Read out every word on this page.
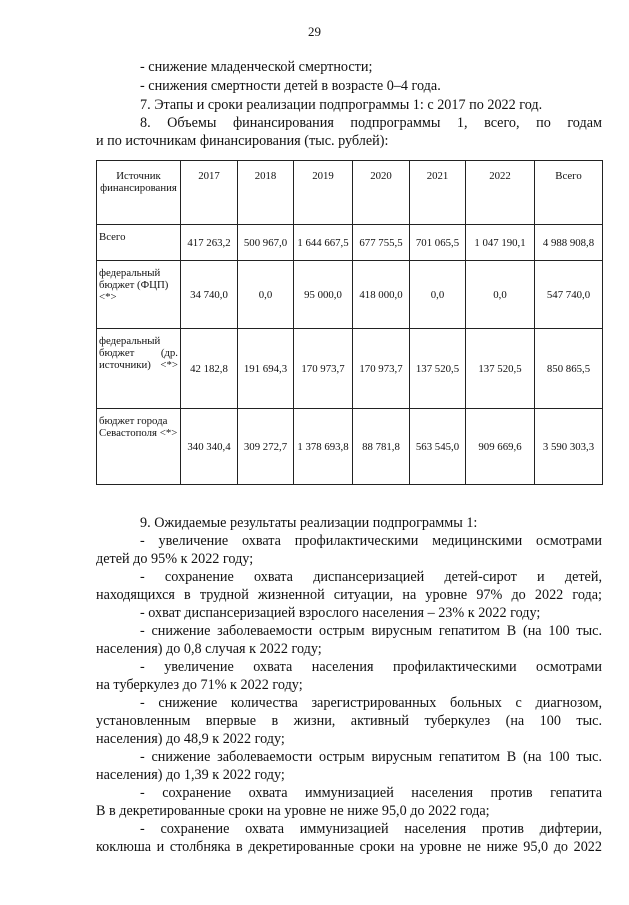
29
- снижение младенческой смертности;
- снижения смертности детей в возрасте 0–4 года.
7. Этапы и сроки реализации подпрограммы 1: с 2017 по 2022 год.
8. Объемы финансирования подпрограммы 1, всего, по годам
и по источникам финансирования (тыс. рублей):
Источник финансирования	2017	2018	2019	2020	2021	2022	Всего
Всего	417 263,2	500 967,0	1 644 667,5	677 755,5	701 065,5	1 047 190,1	4 988 908,8
федеральный бюджет (ФЦП) <*>	34 740,0	0,0	95 000,0	418 000,0	0,0	0,0	547 740,0

федеральный бюджет (др. источники) <*>	42 182,8	191 694,3	170 973,7	170 973,7	137 520,5	137 520,5	850 865,5
бюджет города Севастополя <*>	340 340,4	309 272,7	1 378 693,8	88 781,8	563 545,0	909 669,6	3 590 303,3
9. Ожидаемые результаты реализации подпрограммы 1:
- увеличение охвата профилактическими медицинскими осмотрами
детей до 95% к 2022 году;
- сохранение охвата диспансеризацией детей-сирот и детей,
находящихся в трудной жизненной ситуации, на уровне 97% до 2022 года;
- охват диспансеризацией взрослого населения – 23% к 2022 году;
- снижение заболеваемости острым вирусным гепатитом В (на 100 тыс.
населения) до 0,8 случая к 2022 году;
- увеличение охвата населения профилактическими осмотрами
на туберкулез до 71% к 2022 году;
- снижение количества зарегистрированных больных с диагнозом,
установленным впервые в жизни, активный туберкулез (на 100 тыс.
населения) до 48,9 к 2022 году;
- снижение заболеваемости острым вирусным гепатитом В (на 100 тыс.
населения) до 1,39 к 2022 году;
- сохранение охвата иммунизацией населения против гепатита
В в декретированные сроки на уровне не ниже 95,0 до 2022 года;
- сохранение охвата иммунизацией населения против дифтерии,
коклюша и столбняка в декретированные сроки на уровне не ниже 95,0 до 2022
